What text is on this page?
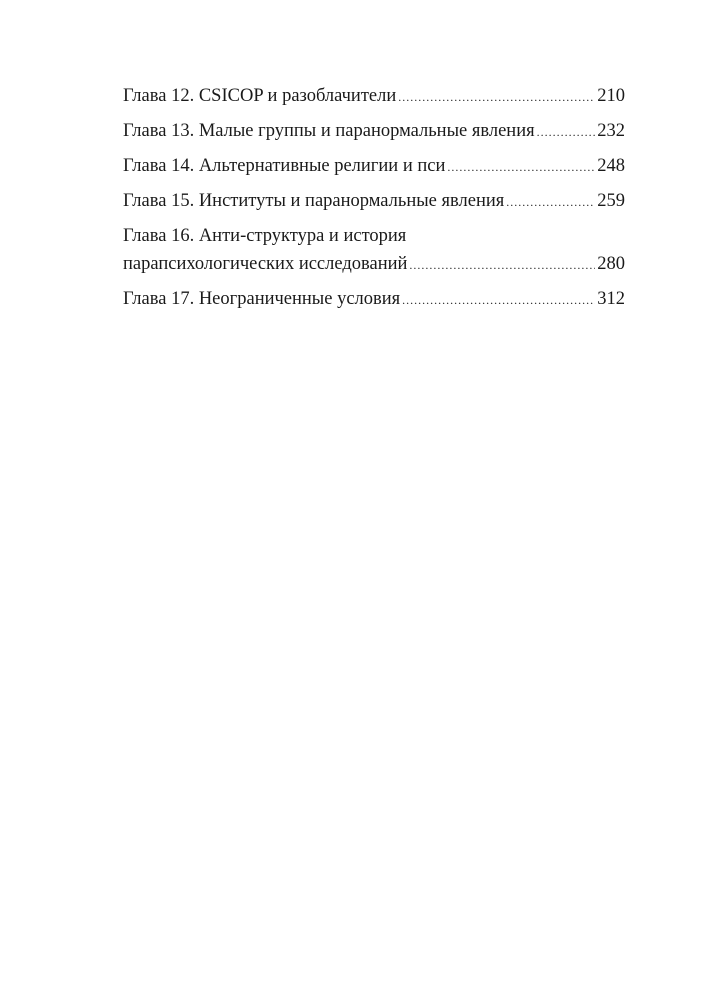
Глава 12. CSICOP и разоблачители .....	210
Глава 13. Малые группы и паранормальные явления .....	232
Глава 14. Альтернативные религии и пси .....	248
Глава 15. Институты и паранормальные явления .....	259
Глава 16. Анти-структура и история
парапсихологических исследований .....	280
Глава 17. Неограниченные условия .....	312
